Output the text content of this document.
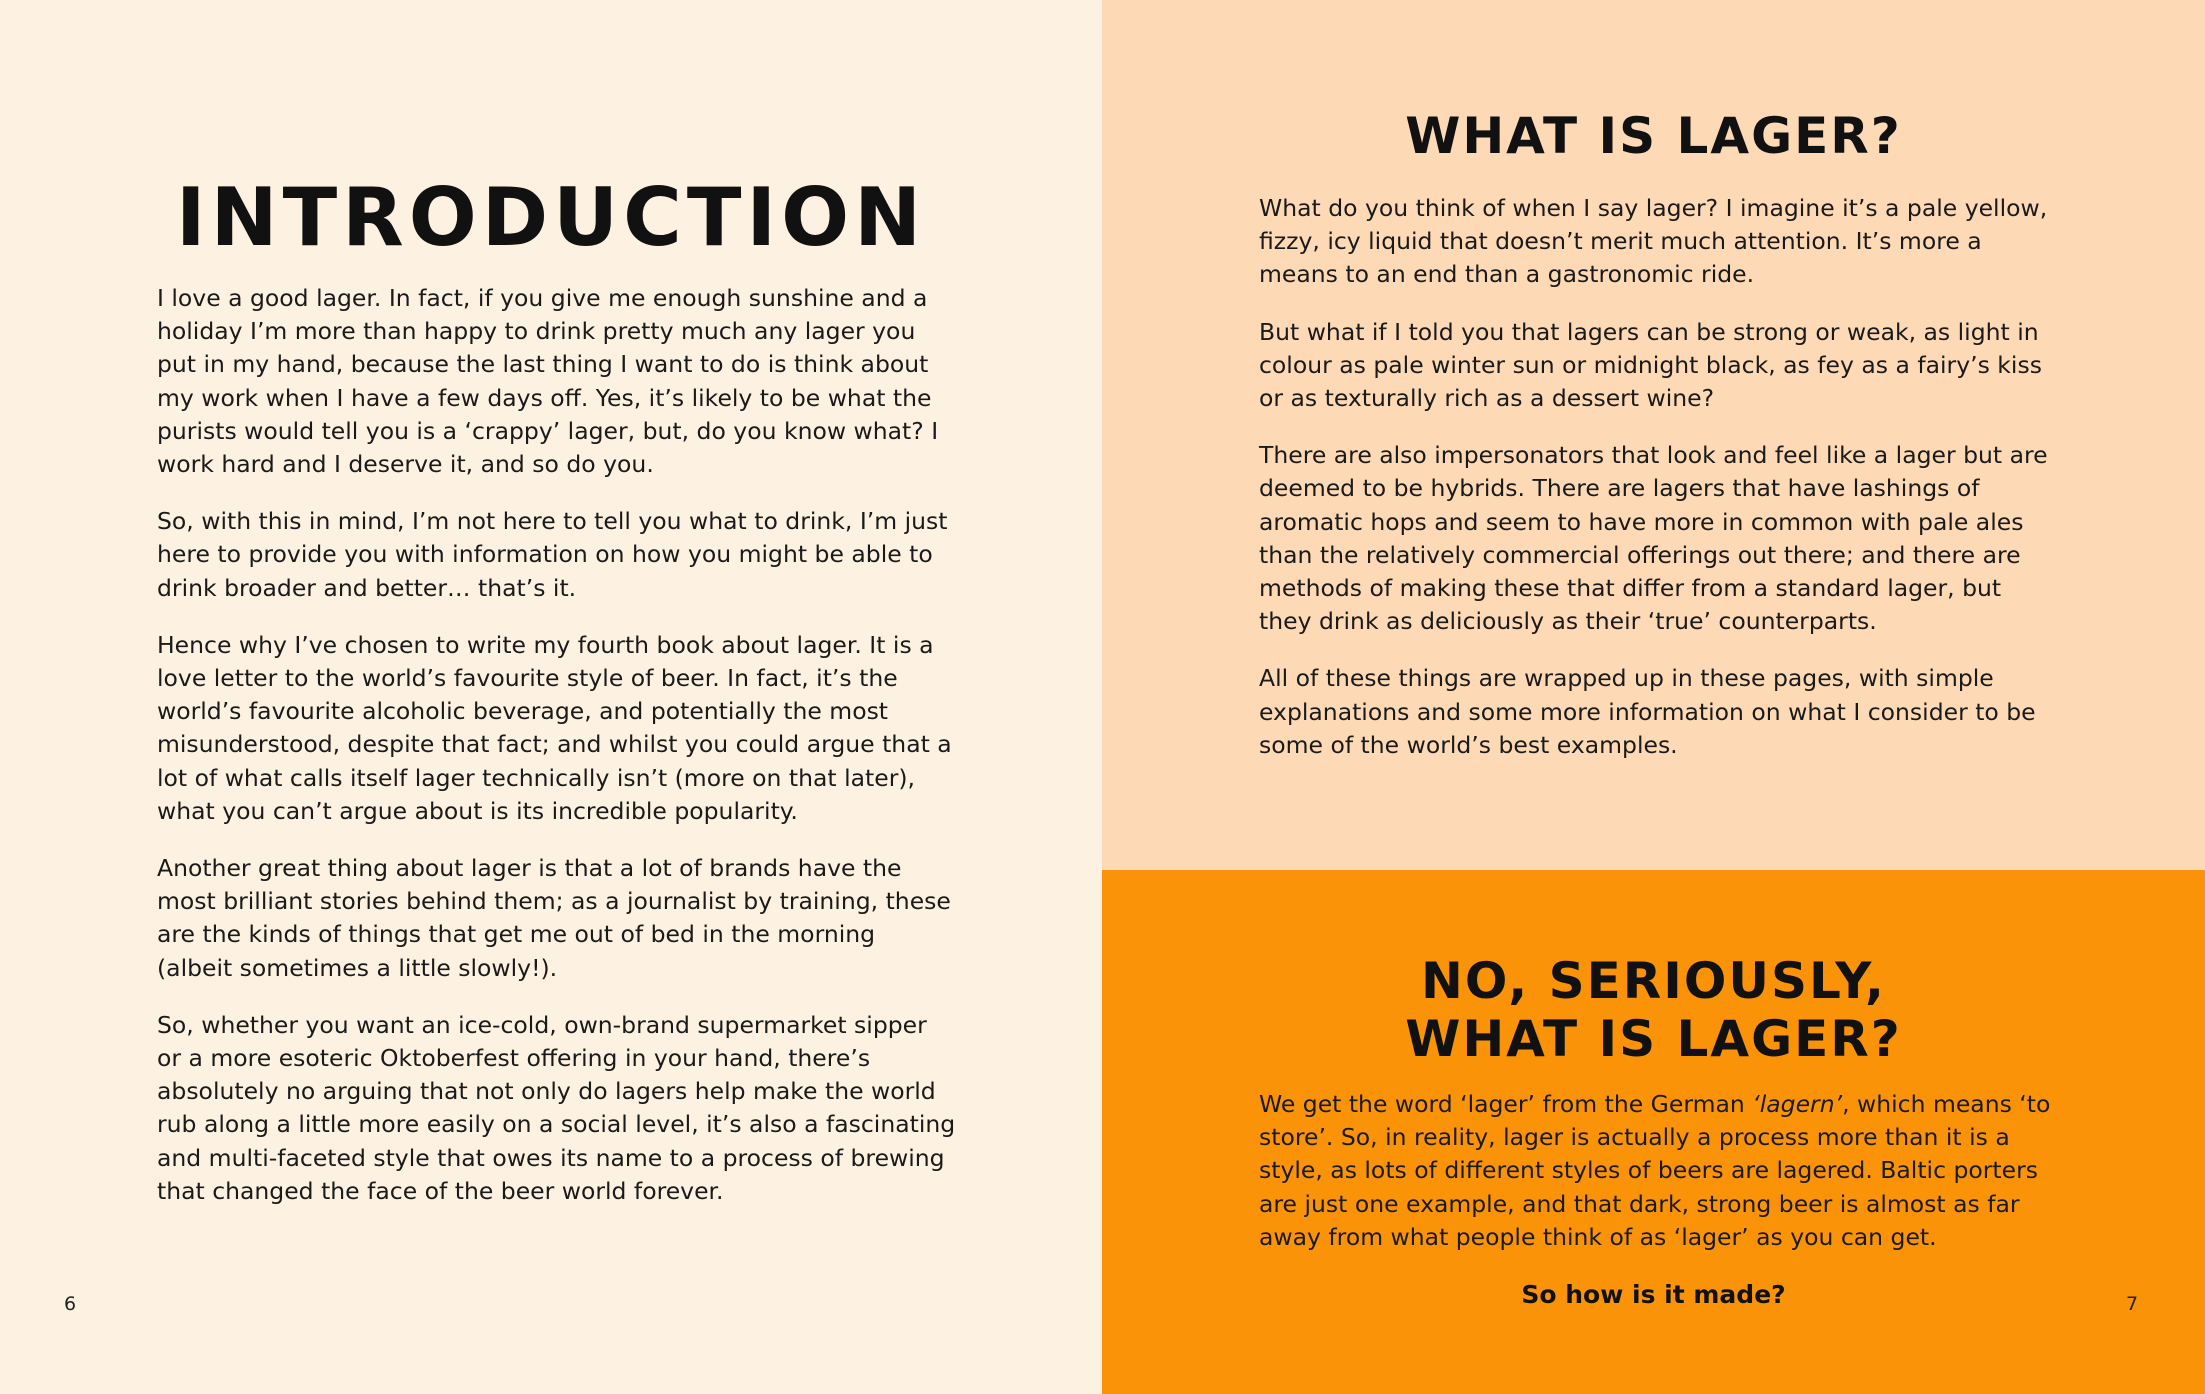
INTRODUCTION

I love a good lager. In fact, if you give me enough sunshine and a holiday I’m more than happy to drink pretty much any lager you put in my hand, because the last thing I want to do is think about my work when I have a few days off. Yes, it’s likely to be what the purists would tell you is a ‘crappy’ lager, but, do you know what? I work hard and I deserve it, and so do you.

So, with this in mind, I’m not here to tell you what to drink, I’m just here to provide you with information on how you might be able to drink broader and better… that’s it.

Hence why I’ve chosen to write my fourth book about lager. It is a love letter to the world’s favourite style of beer. In fact, it’s the world’s favourite alcoholic beverage, and potentially the most misunderstood, despite that fact; and whilst you could argue that a lot of what calls itself lager technically isn’t (more on that later), what you can’t argue about is its incredible popularity.

Another great thing about lager is that a lot of brands have the most brilliant stories behind them; as a journalist by training, these are the kinds of things that get me out of bed in the morning (albeit sometimes a little slowly!).

So, whether you want an ice-cold, own-brand supermarket sipper or a more esoteric Oktoberfest offering in your hand, there’s absolutely no arguing that not only do lagers help make the world rub along a little more easily on a social level, it’s also a fascinating and multi-faceted style that owes its name to a process of brewing that changed the face of the beer world forever.

6
WHAT IS LAGER?

What do you think of when I say lager? I imagine it’s a pale yellow, fizzy, icy liquid that doesn’t merit much attention. It’s more a means to an end than a gastronomic ride.

But what if I told you that lagers can be strong or weak, as light in colour as pale winter sun or midnight black, as fey as a fairy’s kiss or as texturally rich as a dessert wine?

There are also impersonators that look and feel like a lager but are deemed to be hybrids. There are lagers that have lashings of aromatic hops and seem to have more in common with pale ales than the relatively commercial offerings out there; and there are methods of making these that differ from a standard lager, but they drink as deliciously as their ‘true’ counterparts.

All of these things are wrapped up in these pages, with simple explanations and some more information on what I consider to be some of the world’s best examples.

NO, SERIOUSLY,
WHAT IS LAGER?

We get the word ‘lager’ from the German ‘lagern’, which means ‘to store’. So, in reality, lager is actually a process more than it is a style, as lots of different styles of beers are lagered. Baltic porters are just one example, and that dark, strong beer is almost as far away from what people think of as ‘lager’ as you can get.

So how is it made?	7
